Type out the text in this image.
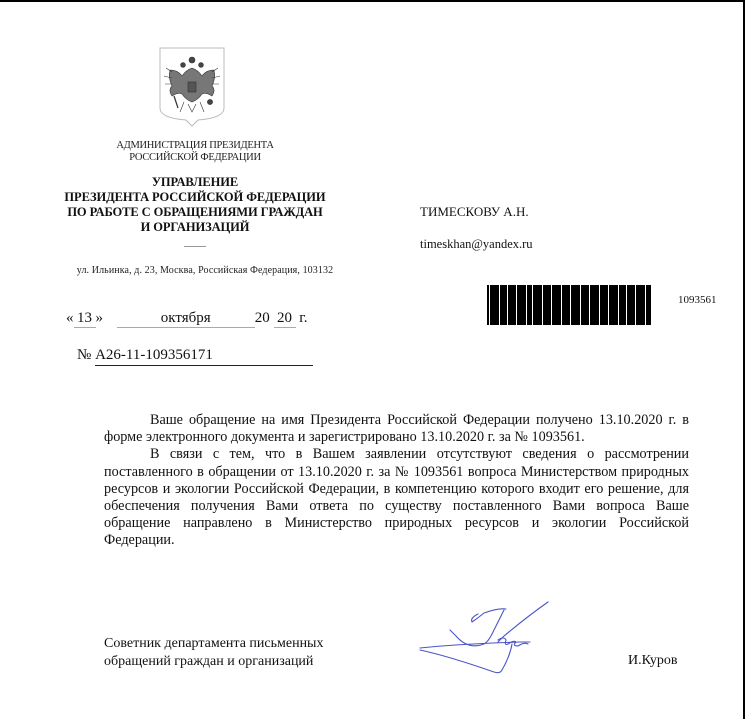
АДМИНИСТРАЦИЯ ПРЕЗИДЕНТА
РОССИЙСКОЙ ФЕДЕРАЦИИ
УПРАВЛЕНИЕ
ПРЕЗИДЕНТА РОССИЙСКОЙ ФЕДЕРАЦИИ
ПО РАБОТЕ С ОБРАЩЕНИЯМИ ГРАЖДАН
И ОРГАНИЗАЦИЙ
ул. Ильинка, д. 23, Москва, Российская Федерация, 103132
ТИМЕСКОВУ А.Н.
timeskhan@yandex.ru
1093561
« 13 »	октября	20 20 г.
№ А26-11-109356171

Ваше обращение на имя Президента Российской Федерации получено 13.10.2020 г. в форме электронного документа и зарегистрировано 13.10.2020 г. за № 1093561.

В связи с тем, что в Вашем заявлении отсутствуют сведения о рассмотрении поставленного в обращении от 13.10.2020 г. за № 1093561 вопроса Министерством природных ресурсов и экологии Российской Федерации, в компетенцию которого входит его решение, для обеспечения получения Вами ответа по существу поставленного Вами вопроса Ваше обращение направлено в Министерство природных ресурсов и экологии Российской Федерации.

Советник департамента письменных
обращений граждан и организаций	И.Куров
